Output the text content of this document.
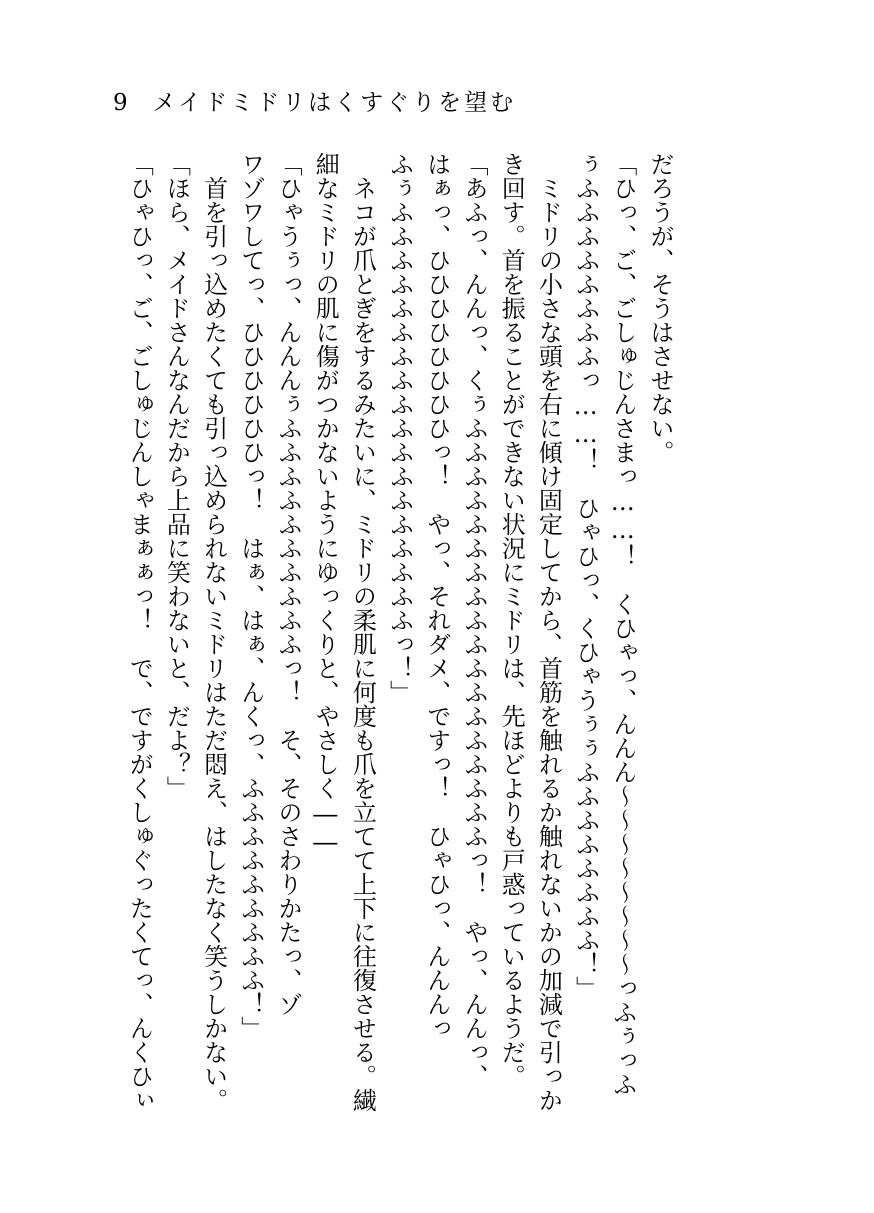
9 メイドミドリはくすぐりを望む
だろうが、そうはさせない。
「ひっ、ご、ごしゅじんさまっ……！　くひゃっ、んんん～～～～～～～～っふぅっふ
ぅふふふふふふふふっ……！　ひゃひっ、くひゃうぅぅふふふふふふふふ！」
　ミドリの小さな頭を右に傾け固定してから、首筋を触れるか触れないかの加減で引っか
き回す。首を振ることができない状況にミドリは、先ほどよりも戸惑っているようだ。
「あふっ、んんっ、くぅふふふふふふふふふふふふふふふふふふっ！　やっ、んんっ、
はぁっ、ひひひひひひひひっ！　やっ、それダメ、ですっ！　ひゃひっ、んんんっ
ふぅふふふふふふふふふふふふふふふふふふっ！」
　ネコが爪とぎをするみたいに、ミドリの柔肌に何度も爪を立てて上下に往復させる。繊
細なミドリの肌に傷がつかないようにゆっくりと、やさしく――
「ひゃうぅっ、んんんぅふふふふふふふふふふっ！　そ、そのさわりかたっ、ゾ
ワゾワしてっ、ひひひひひひっ！　はぁ、はぁ、んくっ、ふふふふふふふふふ！」
　首を引っ込めたくても引っ込められないミドリはただ悶え、はしたなく笑うしかない。
「ほら、メイドさんなんだから上品に笑わないと、だよ？」
「ひゃひっ、ご、ごしゅじんしゃまぁぁっ！　で、ですがくしゅぐったくてっ、んくひぃ
